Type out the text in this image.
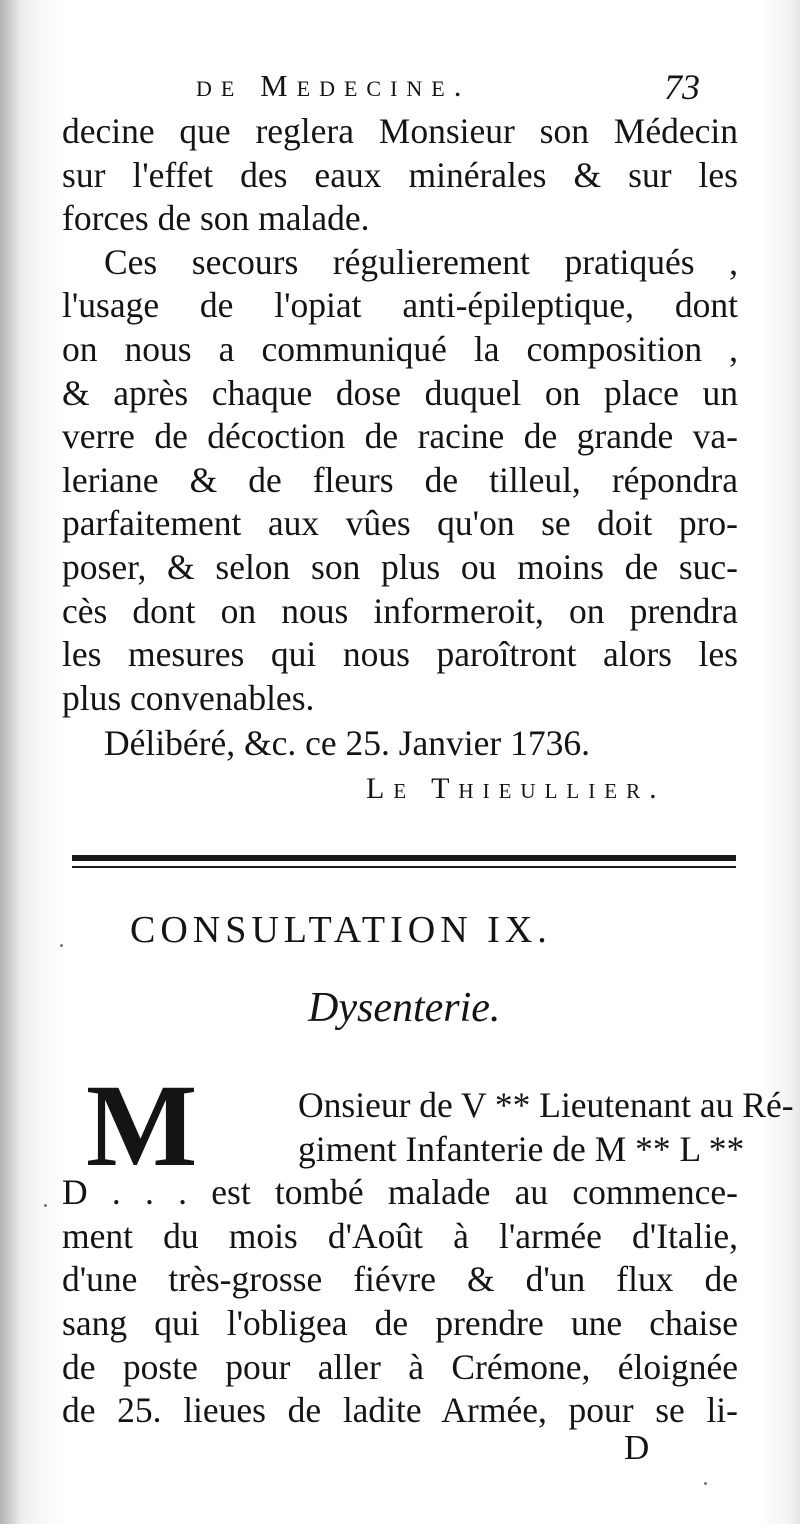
de Medecine.	73
decine que reglera Monsieur son Médecin
sur l'effet des eaux minérales & sur les
forces de son malade.
Ces secours régulierement pratiqués ,
l'usage de l'opiat anti-épileptique, dont
on nous a communiqué la composition ,
& après chaque dose duquel on place un
verre de décoction de racine de grande va-
leriane & de fleurs de tilleul, répondra
parfaitement aux vûes qu'on se doit pro-
poser, & selon son plus ou moins de suc-
cès dont on nous informeroit, on prendra
les mesures qui nous paroîtront alors les
plus convenables.
Délibéré, &c. ce 25. Janvier 1736.
Le Thieullier.
CONSULTATION IX.
Dysenterie.
M	Onsieur de V ** Lieutenant au Ré-
giment Infanterie de M ** L **
D . . . est tombé malade au commence-
ment du mois d'Août à l'armée d'Italie,
d'une très-grosse fiévre & d'un flux de
sang qui l'obligea de prendre une chaise
de poste pour aller à Crémone, éloignée
de 25. lieues de ladite Armée, pour se li-
D
